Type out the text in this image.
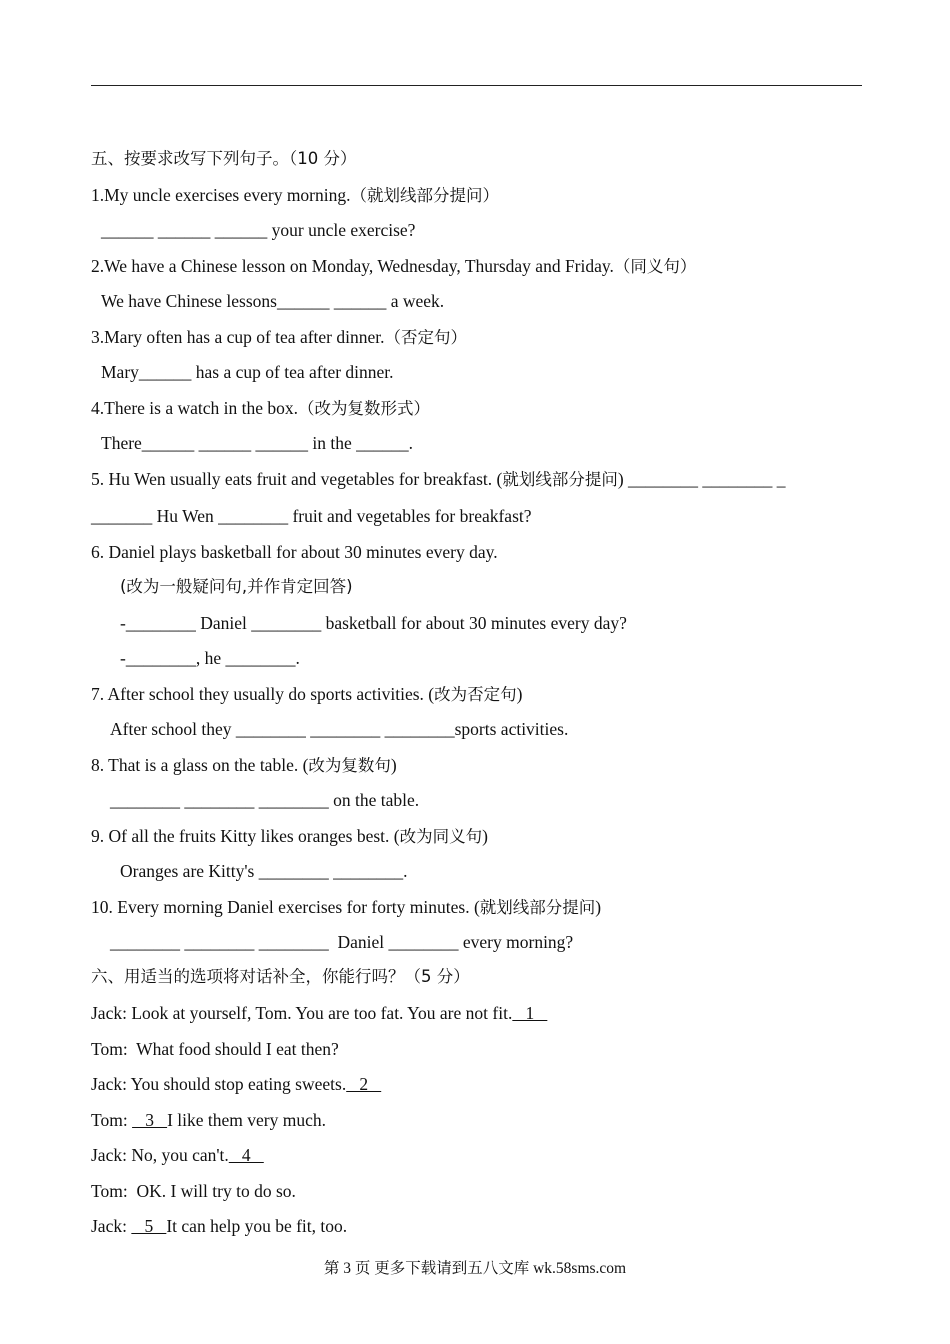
五、按要求改写下列句子。（10 分）
1.My uncle exercises every morning.（就划线部分提问）
______ ______ ______ your uncle exercise?
2.We have a Chinese lesson on Monday, Wednesday, Thursday and Friday.（同义句）
We have Chinese lessons______ ______ a week.
3.Mary often has a cup of tea after dinner.（否定句）
Mary______ has a cup of tea after dinner.
4.There is a watch in the box.（改为复数形式）
There______ ______ ______ in the ______.
5. Hu Wen usually eats fruit and vegetables for breakfast. (就划线部分提问) ________ ________ _
_______ Hu Wen ________ fruit and vegetables for breakfast?
6. Daniel plays basketball for about 30 minutes every day.
(改为一般疑问句,并作肯定回答)
-________ Daniel ________ basketball for about 30 minutes every day?
-________, he ________.
7. After school they usually do sports activities. (改为否定句)
After school they ________ ________ ________sports activities.
8. That is a glass on the table. (改为复数句)
________ ________ ________ on the table.
9. Of all the fruits Kitty likes oranges best. (改为同义句)
Oranges are Kitty's ________ ________.
10. Every morning Daniel exercises for forty minutes. (就划线部分提问)
________ ________ ________  Daniel ________ every morning?
六、用适当的选项将对话补全，你能行吗？（5 分）
Jack: Look at yourself, Tom. You are too fat. You are not fit.   1
Tom:  What food should I eat then?
Jack: You should stop eating sweets.   2
Tom:    3   I like them very much.
Jack: No, you can't.   4
Tom:  OK. I will try to do so.
Jack:    5   It can help you be fit, too.
第 3 页 更多下载请到五八文库 wk.58sms.com
